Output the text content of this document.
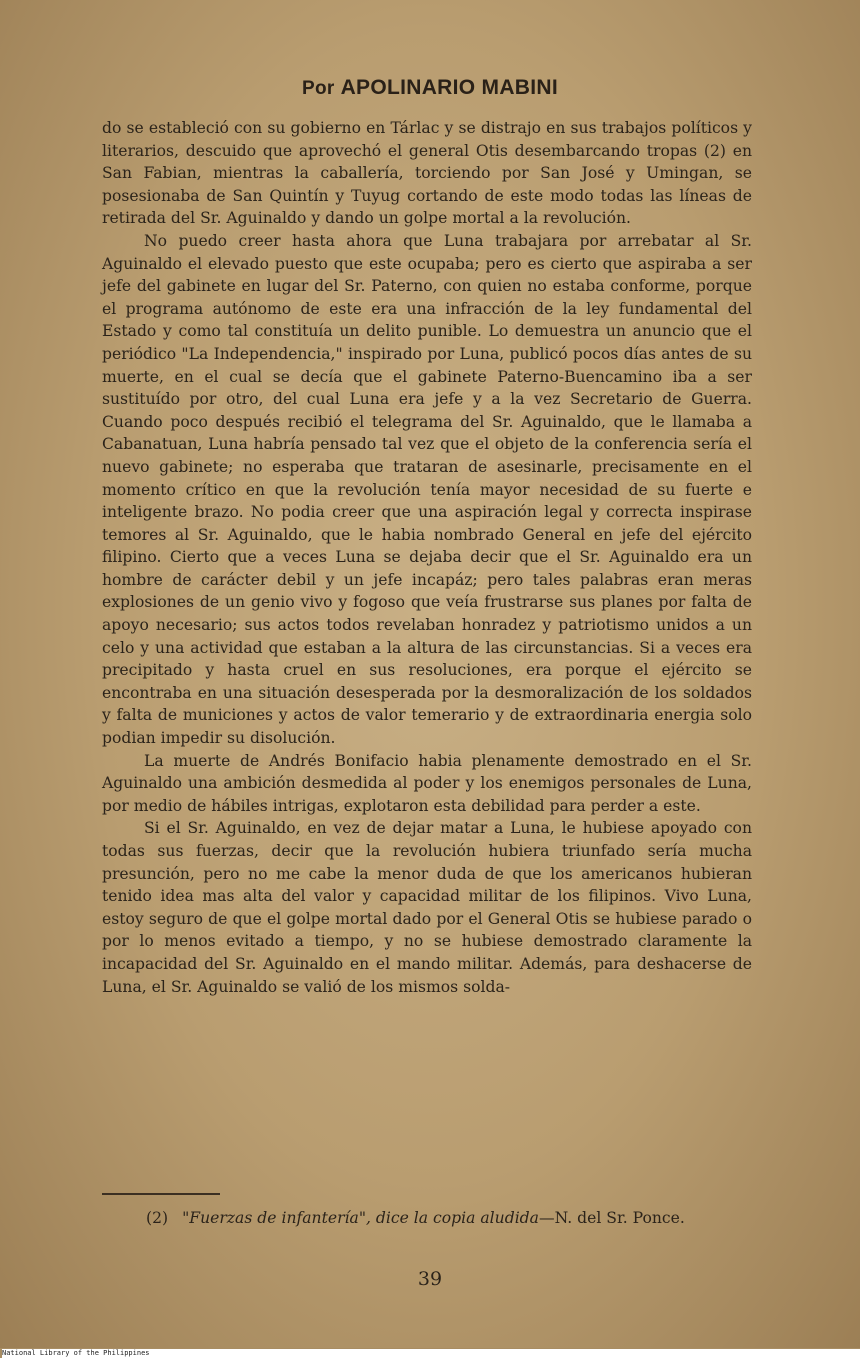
Por APOLINARIO MABINI

do se estableció con su gobierno en Tárlac y se distrajo en sus trabajos políticos y literarios, descuido que aprovechó el general Otis desembarcando tropas (2) en San Fabian, mientras la caballería, torciendo por San José y Umingan, se posesionaba de San Quintín y Tuyug cortando de este modo todas las líneas de retirada del Sr. Aguinaldo y dando un golpe mortal a la revolución.

No puedo creer hasta ahora que Luna trabajara por arrebatar al Sr. Aguinaldo el elevado puesto que este ocupaba; pero es cierto que aspiraba a ser jefe del gabinete en lugar del Sr. Paterno, con quien no estaba conforme, porque el programa autónomo de este era una infracción de la ley fundamental del Estado y como tal constituía un delito punible. Lo demuestra un anuncio que el periódico "La Independencia," inspirado por Luna, publicó pocos días antes de su muerte, en el cual se decía que el gabinete Paterno-Buencamino iba a ser sustituído por otro, del cual Luna era jefe y a la vez Secretario de Guerra. Cuando poco después recibió el telegrama del Sr. Aguinaldo, que le llamaba a Cabanatuan, Luna habría pensado tal vez que el objeto de la conferencia sería el nuevo gabinete; no esperaba que trataran de asesinarle, precisamente en el momento crítico en que la revolución tenía mayor necesidad de su fuerte e inteligente brazo. No podia creer que una aspiración legal y correcta inspirase temores al Sr. Aguinaldo, que le habia nombrado General en jefe del ejército filipino. Cierto que a veces Luna se dejaba decir que el Sr. Aguinaldo era un hombre de carácter debil y un jefe incapáz; pero tales palabras eran meras explosiones de un genio vivo y fogoso que veía frustrarse sus planes por falta de apoyo necesario; sus actos todos revelaban honradez y patriotismo unidos a un celo y una actividad que estaban a la altura de las circunstancias. Si a veces era precipitado y hasta cruel en sus resoluciones, era porque el ejército se encontraba en una situación desesperada por la desmoralización de los soldados y falta de municiones y actos de valor temerario y de extraordinaria energia solo podian impedir su disolución.

La muerte de Andrés Bonifacio habia plenamente demostrado en el Sr. Aguinaldo una ambición desmedida al poder y los enemigos personales de Luna, por medio de hábiles intrigas, explotaron esta debilidad para perder a este.

Si el Sr. Aguinaldo, en vez de dejar matar a Luna, le hubiese apoyado con todas sus fuerzas, decir que la revolución hubiera triunfado sería mucha presunción, pero no me cabe la menor duda de que los americanos hubieran tenido idea mas alta del valor y capacidad militar de los filipinos. Vivo Luna, estoy seguro de que el golpe mortal dado por el General Otis se hubiese parado o por lo menos evitado a tiempo, y no se hubiese demostrado claramente la incapacidad del Sr. Aguinaldo en el mando militar. Además, para deshacerse de Luna, el Sr. Aguinaldo se valió de los mismos solda-

(2) "Fuerzas de infantería", dice la copia aludida—N. del Sr. Ponce.
39
National Library of the Philippines
